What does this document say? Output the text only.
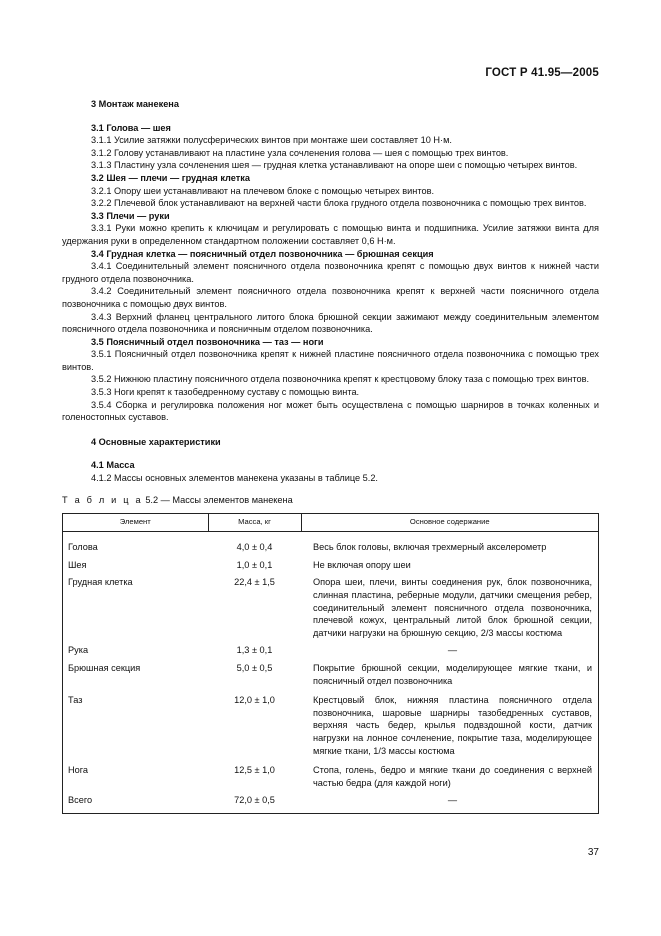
ГОСТ Р 41.95—2005

3 Монтаж манекена

3.1 Голова — шея

3.1.1 Усилие затяжки полусферических винтов при монтаже шеи составляет 10 Н·м.

3.1.2 Голову устанавливают на пластине узла сочленения голова — шея с помощью трех винтов.

3.1.3 Пластину узла сочленения шея — грудная клетка устанавливают на опоре шеи с помощью четырех винтов.

3.2 Шея — плечи — грудная клетка

3.2.1 Опору шеи устанавливают на плечевом блоке с помощью четырех винтов.

3.2.2 Плечевой блок устанавливают на верхней части блока грудного отдела позвоночника с помощью трех винтов.

3.3 Плечи — руки

3.3.1 Руки можно крепить к ключицам и регулировать с помощью винта и подшипника. Усилие затяжки винта для удержания руки в определенном стандартном положении составляет 0,6 Н·м.

3.4 Грудная клетка — поясничный отдел позвоночника — брюшная секция

3.4.1 Соединительный элемент поясничного отдела позвоночника крепят с помощью двух винтов к нижней части грудного отдела позвоночника.

3.4.2 Соединительный элемент поясничного отдела позвоночника крепят к верхней части поясничного отдела позвоночника с помощью двух винтов.

3.4.3 Верхний фланец центрального литого блока брюшной секции зажимают между соединительным элементом поясничного отдела позвоночника и поясничным отделом позвоночника.

3.5 Поясничный отдел позвоночника — таз — ноги

3.5.1 Поясничный отдел позвоночника крепят к нижней пластине поясничного отдела позвоночника с помощью трех винтов.

3.5.2 Нижнюю пластину поясничного отдела позвоночника крепят к крестцовому блоку таза с помощью трех винтов.

3.5.3 Ноги крепят к тазобедренному суставу с помощью винта.

3.5.4 Сборка и регулировка положения ног может быть осуществлена с помощью шарниров в точках коленных и голеностопных суставов.

4 Основные характеристики

4.1 Масса

4.1.2 Массы основных элементов манекена указаны в таблице 5.2.

Т а б л и ц а 5.2 — Массы элементов манекена

Элемент	Масса, кг	Основное содержание
Голова	4,0 ± 0,4	Весь блок головы, включая трехмерный акселерометр
Шея	1,0 ± 0,1	Не включая опору шеи
Грудная клетка	22,4 ± 1,5	Опора шеи, плечи, винты соединения рук, блок позвоночника, слинная пластина, реберные модули, датчики смещения ребер, соединительный элемент поясничного отдела позвоночника, плечевой кожух, центральный литой блок брюшной секции, датчики нагрузки на брюшную секцию, 2/3 массы костюма
Рука	1,3 ± 0,1	—
Брюшная секция	5,0 ± 0,5	Покрытие брюшной секции, моделирующее мягкие ткани, и поясничный отдел позвоночника
Таз	12,0 ± 1,0	Крестцовый блок, нижняя пластина поясничного отдела позвоночника, шаровые шарниры тазобедренных суставов, верхняя часть бедер, крылья подвздошной кости, датчик нагрузки на лонное сочленение, покрытие таза, моделирующее мягкие ткани, 1/3 массы костюма
Нога	12,5 ± 1,0	Стопа, голень, бедро и мягкие ткани до соединения с верхней частью бедра (для каждой ноги)
Всего	72,0 ± 0,5	—
37
